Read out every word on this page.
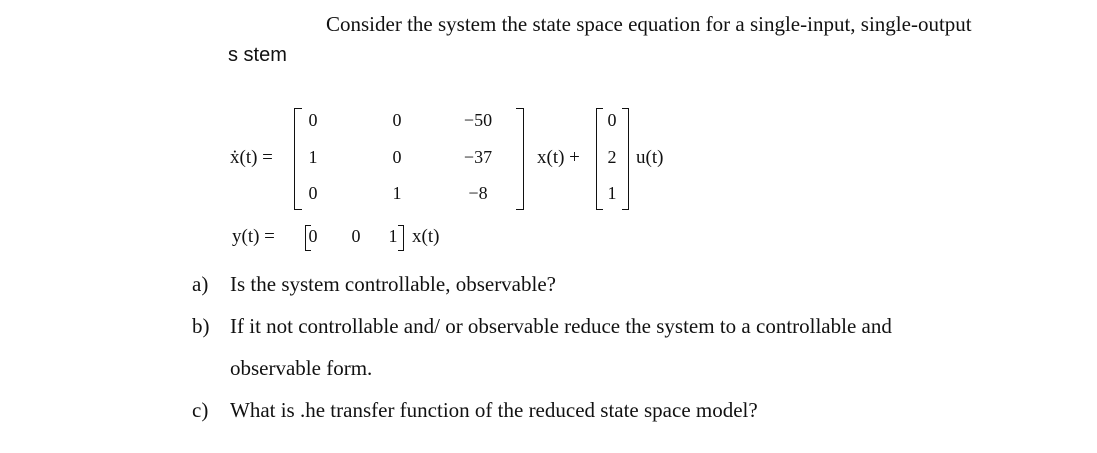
Consider the system the state space equation for a single-input, single-output
s stem
ẋ(t) =
0	0	−50
1	0	−37
0	1	−8
x(t) +
0
2
1
u(t)
y(t) =	0	0	1 x(t)
a) Is the system controllable, observable?
b) If it not controllable and/ or observable reduce the system to a controllable and
observable form.
c) What is .he transfer function of the reduced state space model?
